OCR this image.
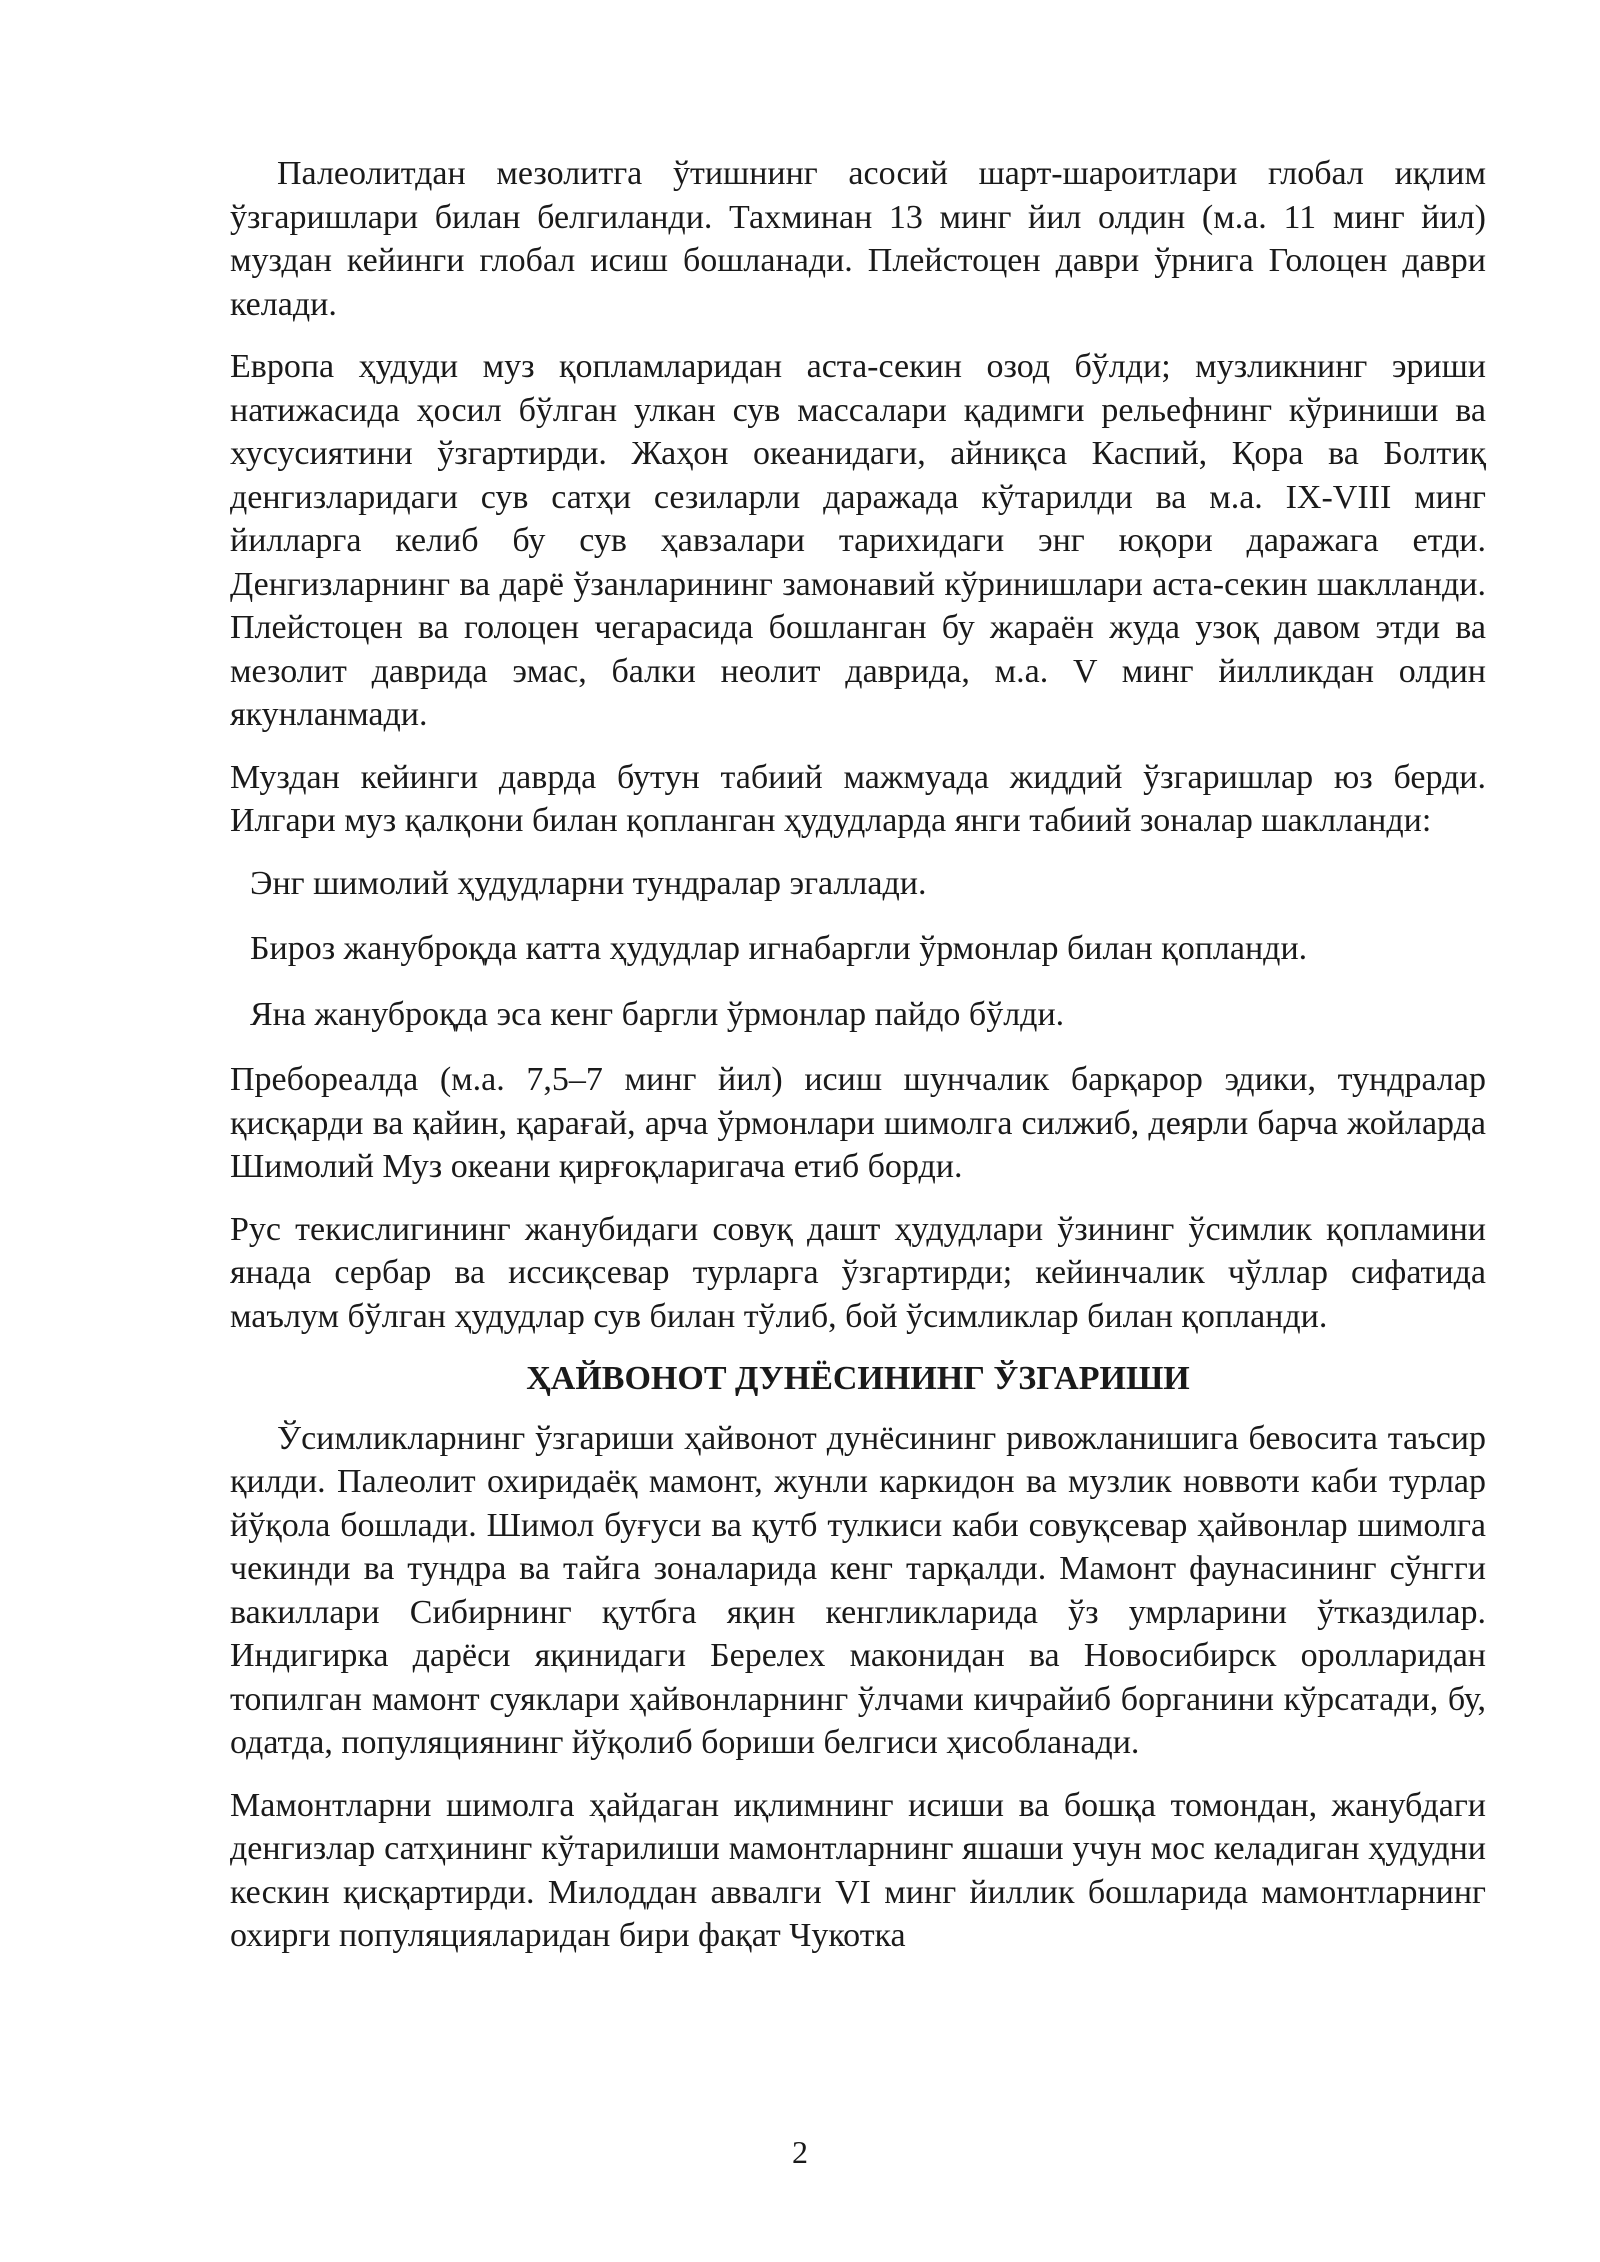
Палеолитдан мезолитга ўтишнинг асосий шарт-шароитлари глобал иқлим ўзгаришлари билан белгиланди. Тахминан 13 минг йил олдин (м.а. 11 минг йил) муздан кейинги глобал исиш бошланади. Плейстоцен даври ўрнига Голоцен даври келади.

Европа ҳудуди муз қопламларидан аста-секин озод бўлди; музликнинг эриши натижасида ҳосил бўлган улкан сув массалари қадимги рельефнинг кўриниши ва хусусиятини ўзгартирди. Жаҳон океанидаги, айниқса Каспий, Қора ва Болтиқ денгизларидаги сув сатҳи сезиларли даражада кўтарилди ва м.а. IX-VIII минг йилларга келиб бу сув ҳавзалари тарихидаги энг юқори даражага етди. Денгизларнинг ва дарё ўзанларининг замонавий кўринишлари аста-секин шаклланди. Плейстоцен ва голоцен чегарасида бошланган бу жараён жуда узоқ давом этди ва мезолит даврида эмас, балки неолит даврида, м.а. V минг йилликдан олдин якунланмади.

Муздан кейинги даврда бутун табиий мажмуада жиддий ўзгаришлар юз берди. Илгари муз қалқони билан қопланган ҳудудларда янги табиий зоналар шаклланди:

Энг шимолий ҳудудларни тундралар эгаллади.

Бироз жануброқда катта ҳудудлар игнабаргли ўрмонлар билан қопланди.

Яна жануброқда эса кенг баргли ўрмонлар пайдо бўлди.

Пребореалда (м.а. 7,5–7 минг йил) исиш шунчалик барқарор эдики, тундралар қисқарди ва қайин, қарағай, арча ўрмонлари шимолга силжиб, деярли барча жойларда Шимолий Муз океани қирғоқларигача етиб борди.

Рус текислигининг жанубидаги совуқ дашт ҳудудлари ўзининг ўсимлик қопламини янада сербар ва иссиқсевар турларга ўзгартирди; кейинчалик чўллар сифатида маълум бўлган ҳудудлар сув билан тўлиб, бой ўсимликлар билан қопланди.

ҲАЙВОНОТ ДУНЁСИНИНГ ЎЗГАРИШИ

Ўсимликларнинг ўзгариши ҳайвонот дунёсининг ривожланишига бевосита таъсир қилди. Палеолит охиридаёқ мамонт, жунли каркидон ва музлик новвоти каби турлар йўқола бошлади. Шимол буғуси ва қутб тулкиси каби совуқсевар ҳайвонлар шимолга чекинди ва тундра ва тайга зоналарида кенг тарқалди. Мамонт фаунасининг сўнгги вакиллари Сибирнинг қутбга яқин кенгликларида ўз умрларини ўтказдилар. Индигирка дарёси яқинидаги Берелех маконидан ва Новосибирск оролларидан топилган мамонт суяклари ҳайвонларнинг ўлчами кичрайиб борганини кўрсатади, бу, одатда, популяциянинг йўқолиб бориши белгиси ҳисобланади.

Мамонтларни шимолга ҳайдаган иқлимнинг исиши ва бошқа томондан, жанубдаги денгизлар сатҳининг кўтарилиши мамонтларнинг яшаши учун мос келадиган ҳудудни кескин қисқартирди. Милоддан аввалги VI минг йиллик бошларида мамонтларнинг охирги популяцияларидан бири фақат Чукотка

2
